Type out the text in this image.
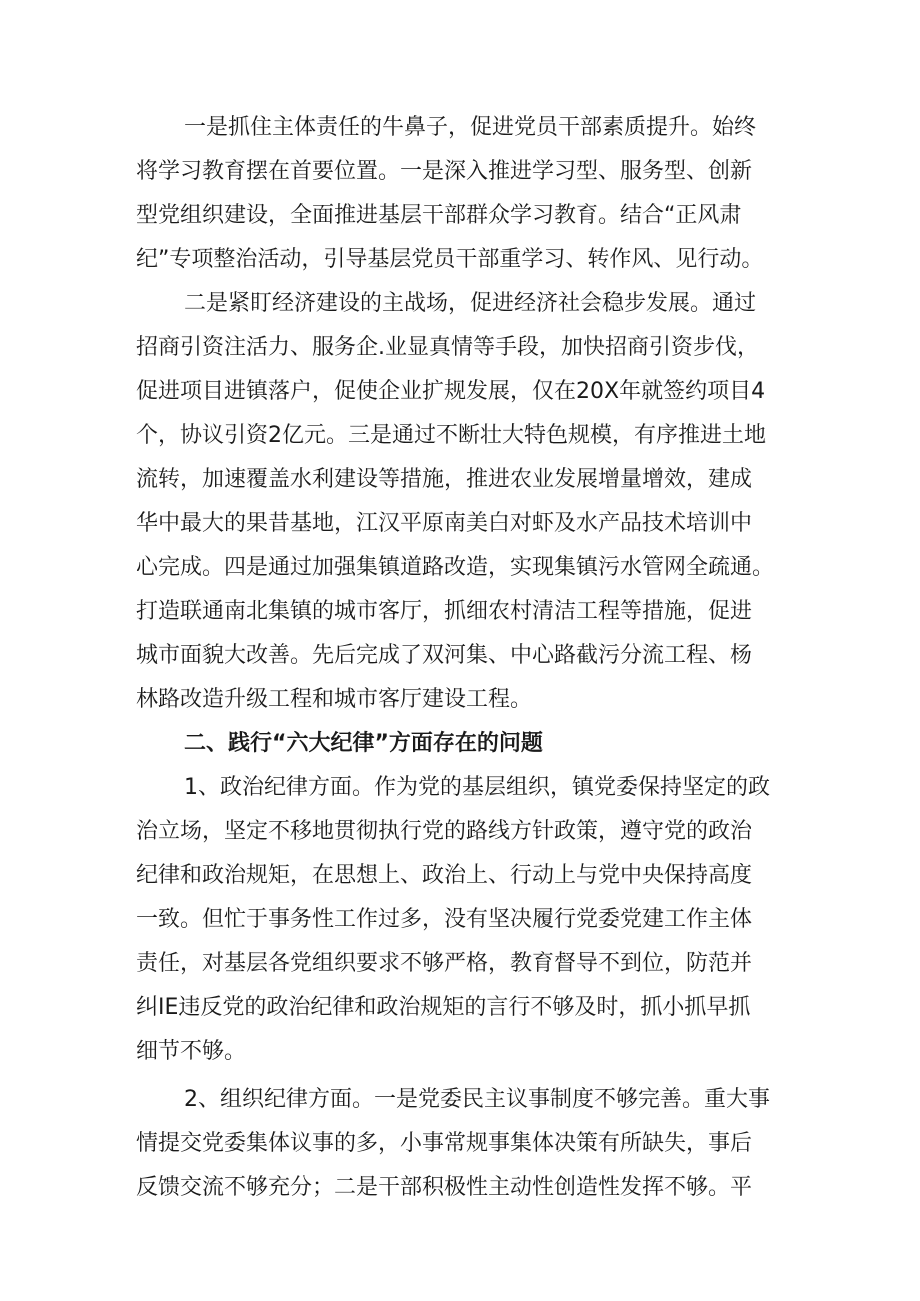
一是抓住主体责任的牛鼻子，促进党员干部素质提升。始终
将学习教育摆在首要位置。一是深入推进学习型、服务型、创新
型党组织建设，全面推进基层干部群众学习教育。结合“正风肃
纪”专项整治活动，引导基层党员干部重学习、转作风、见行动。
二是紧盯经济建设的主战场，促进经济社会稳步发展。通过
招商引资注活力、服务企.业显真情等手段，加快招商引资步伐，
促进项目进镇落户，促使企业扩规发展，仅在20X年就签约项目4
个，协议引资2亿元。三是通过不断壮大特色规模，有序推进土地
流转，加速覆盖水利建设等措施，推进农业发展增量增效，建成
华中最大的果昔基地，江汉平原南美白对虾及水产品技术培训中
心完成。四是通过加强集镇道路改造，实现集镇污水管网全疏通。
打造联通南北集镇的城市客厅，抓细农村清洁工程等措施，促进
城市面貌大改善。先后完成了双河集、中心路截污分流工程、杨
林路改造升级工程和城市客厅建设工程。
二、践行“六大纪律”方面存在的问题
1、政治纪律方面。作为党的基层组织，镇党委保持坚定的政
治立场，坚定不移地贯彻执行党的路线方针政策，遵守党的政治
纪律和政治规矩，在思想上、政治上、行动上与党中央保持高度
一致。但忙于事务性工作过多，没有坚决履行党委党建工作主体
责任，对基层各党组织要求不够严格，教育督导不到位，防范并
纠IE违反党的政治纪律和政治规矩的言行不够及时，抓小抓早抓
细节不够。
2、组织纪律方面。一是党委民主议事制度不够完善。重大事
情提交党委集体议事的多，小事常规事集体决策有所缺失，事后
反馈交流不够充分；二是干部积极性主动性创造性发挥不够。平
